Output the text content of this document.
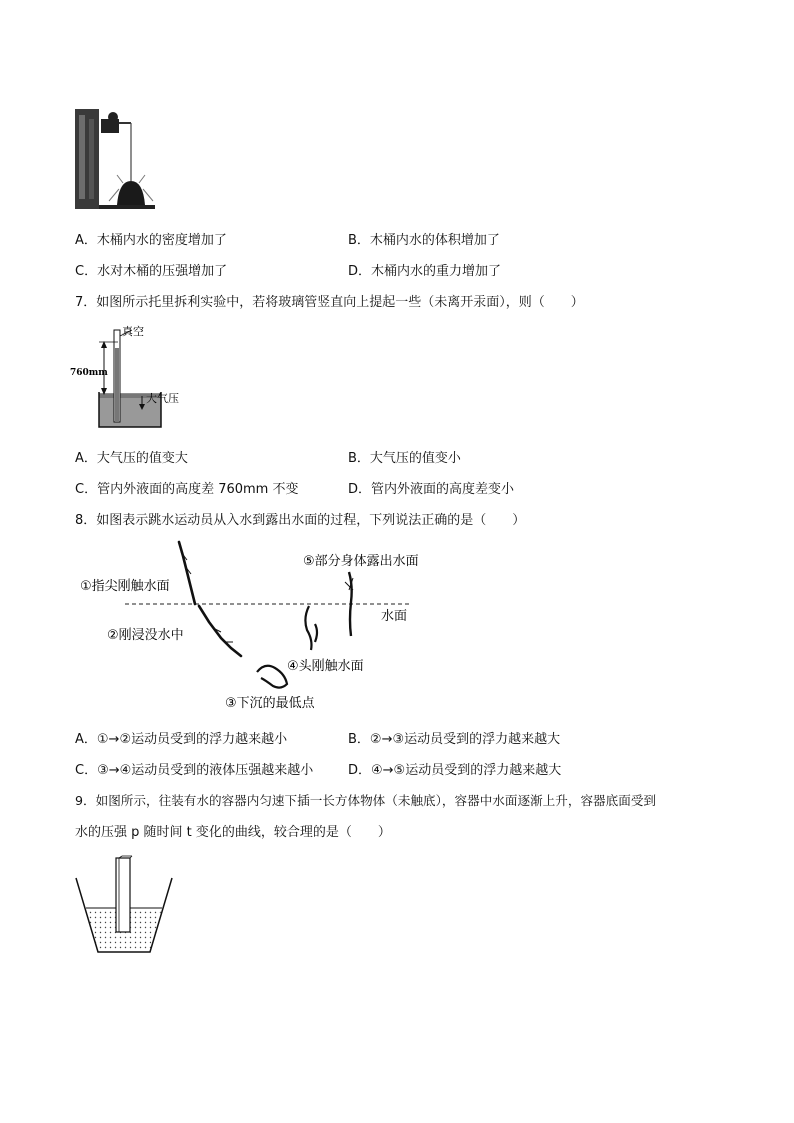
A．木桶内水的密度增加了	B．木桶内水的体积增加了
C．水对木桶的压强增加了	D．木桶内水的重力增加了
7．如图所示托里拆利实验中，若将玻璃管竖直向上提起一些（未离开汞面），则（　　）
真空
760mm
大气压
A．大气压的值变大	B．大气压的值变小
C．管内外液面的高度差 760mm 不变	D．管内外液面的高度差变小
8．如图表示跳水运动员从入水到露出水面的过程，下列说法正确的是（　　）
①指尖刚触水面
②刚浸没水中
③下沉的最低点
④头刚触水面
⑤部分身体露出水面
水面
A．①→②运动员受到的浮力越来越小	B．②→③运动员受到的浮力越来越大
C．③→④运动员受到的液体压强越来越小	D．④→⑤运动员受到的浮力越来越大
9．如图所示，往装有水的容器内匀速下插一长方体物体（未触底），容器中水面逐渐上升，容器底面受到
水的压强 p 随时间 t 变化的曲线，较合理的是（　　）
